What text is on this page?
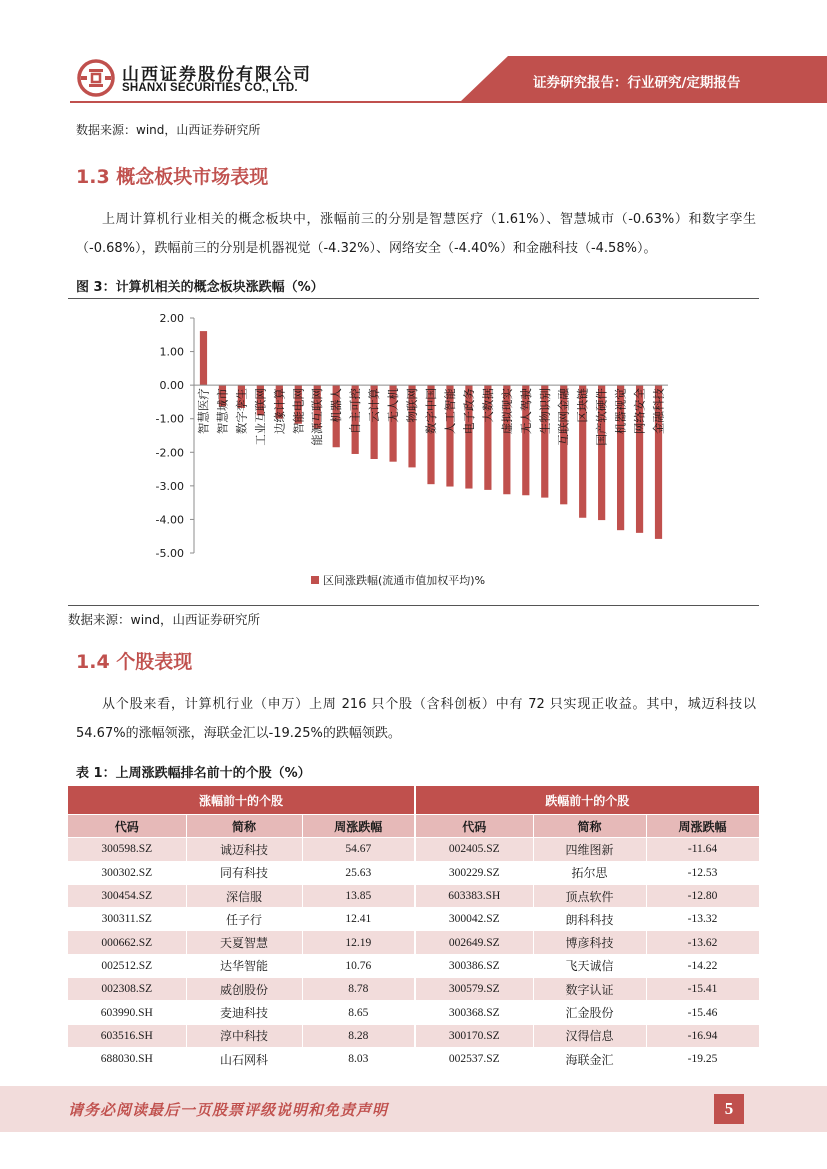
山西证券股份有限公司
SHANXI SECURITIES CO., LTD.	证券研究报告：行业研究/定期报告
数据来源：wind，山西证券研究所
1.3 概念板块市场表现
上周计算机行业相关的概念板块中，涨幅前三的分别是智慧医疗（1.61%）、智慧城市（-0.63%）和数字孪生（-0.68%），跌幅前三的分别是机器视觉（-4.32%）、网络安全（-4.40%）和金融科技（-4.58%）。
图 3：计算机相关的概念板块涨跌幅（%）
2.00
1.00
0.00
-1.00
-2.00
-3.00
-4.00
-5.00
智慧医疗 智慧城市 数字孪生 工业互联网 边缘计算 智能电网 能源互联网 机器人 自主可控 云计算 无人机 物联网 数字中国 人工智能 电子政务 大数据 虚拟现实 无人驾驶 生物识别 互联网金融 区块链 国产软硬件 机器视觉 网络安全 金融科技
区间涨跌幅(流通市值加权平均)%
数据来源：wind，山西证券研究所
1.4 个股表现
从个股来看，计算机行业（申万）上周 216 只个股（含科创板）中有 72 只实现正收益。其中，城迈科技以 54.67%的涨幅领涨，海联金汇以-19.25%的跌幅领跌。
表 1：上周涨跌幅排名前十的个股（%）
涨幅前十的个股			跌幅前十的个股		
代码	简称	周涨跌幅	代码	简称	周涨跌幅
300598.SZ	诚迈科技	54.67	002405.SZ	四维图新	-11.64
300302.SZ	同有科技	25.63	300229.SZ	拓尔思	-12.53
300454.SZ	深信服	13.85	603383.SH	顶点软件	-12.80
300311.SZ	任子行	12.41	300042.SZ	朗科科技	-13.32
000662.SZ	天夏智慧	12.19	002649.SZ	博彦科技	-13.62
002512.SZ	达华智能	10.76	300386.SZ	飞天诚信	-14.22
002308.SZ	威创股份	8.78	300579.SZ	数字认证	-15.41
603990.SH	麦迪科技	8.65	300368.SZ	汇金股份	-15.46
603516.SH	淳中科技	8.28	300170.SZ	汉得信息	-16.94
688030.SH	山石网科	8.03	002537.SZ	海联金汇	-19.25
请务必阅读最后一页股票评级说明和免责声明	5
